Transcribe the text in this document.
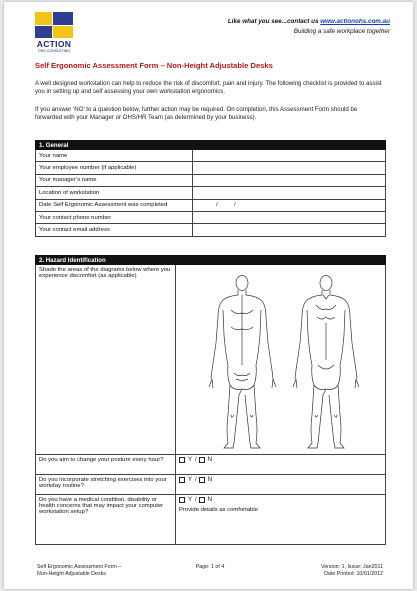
ACTION
OHS CONSULTING
Like what you see...contact us www.actionohs.com.au
Building a safe workplace together
Self Ergonomic Assessment Form – Non-Height Adjustable Desks
A well designed workstation can help to reduce the risk of discomfort, pain and injury. The following checklist is provided to assist you in setting up and self assessing your own workstation ergonomics.
If you answer ‘NO’ to a question below, further action may be required. On completion, this Assessment Form should be forwarded with your Manager or OHS/HR Team (as determined by your business).
1. General	
Your name	
Your employee number (if applicable)	
Your manager’s name	
Location of workstation	
Date Self Ergonomic Assessment was completed	/          /
Your contact phone number	
Your contact email address	
2. Hazard Identification	
Shade the areas of the diagrams below where you experience discomfort (as applicable)	

Do you aim to change your posture every hour?	Y / N

Do you incorporate stretching exercises into your workday routine?	Y / N

Do you have a medical condition, disability or health concerns that may impact your computer workstation setup?	Y / N
Provide details as comfortable
Self Ergonomic Assessment Form –
Non-Height Adjustable Desks
Page: 1 of 4	Version: 1, Issue: Jan2011
Date Printed: 10/01/2012
